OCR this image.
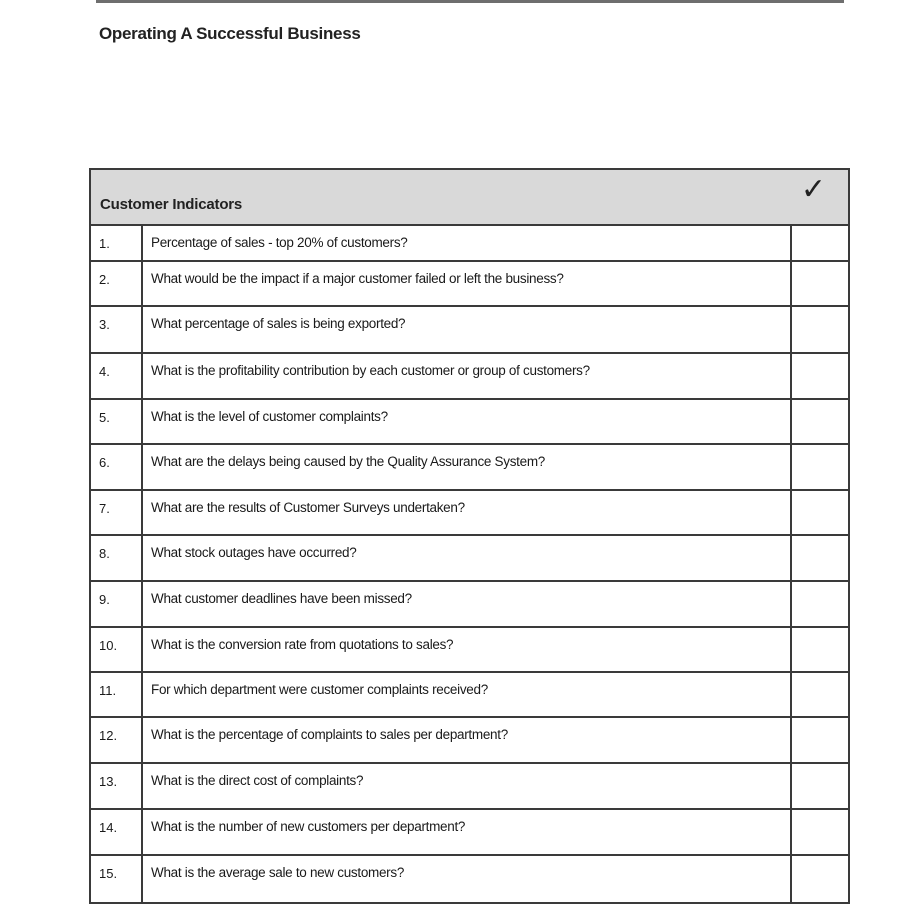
Operating A Successful Business
Customer Indicators	✓
1.	Percentage of sales - top 20% of customers?
2.	What would be the impact if a major customer failed or left the business?
3.	What percentage of sales is being exported?
4.	What is the profitability contribution by each customer or group of customers?
5.	What is the level of customer complaints?
6.	What are the delays being caused by the Quality Assurance System?
7.	What are the results of Customer Surveys undertaken?
8.	What stock outages have occurred?
9.	What customer deadlines have been missed?
10.	What is the conversion rate from quotations to sales?
11.	For which department were customer complaints received?
12.	What is the percentage of complaints to sales per department?
13.	What is the direct cost of complaints?
14.	What is the number of new customers per department?
15.	What is the average sale to new customers?
